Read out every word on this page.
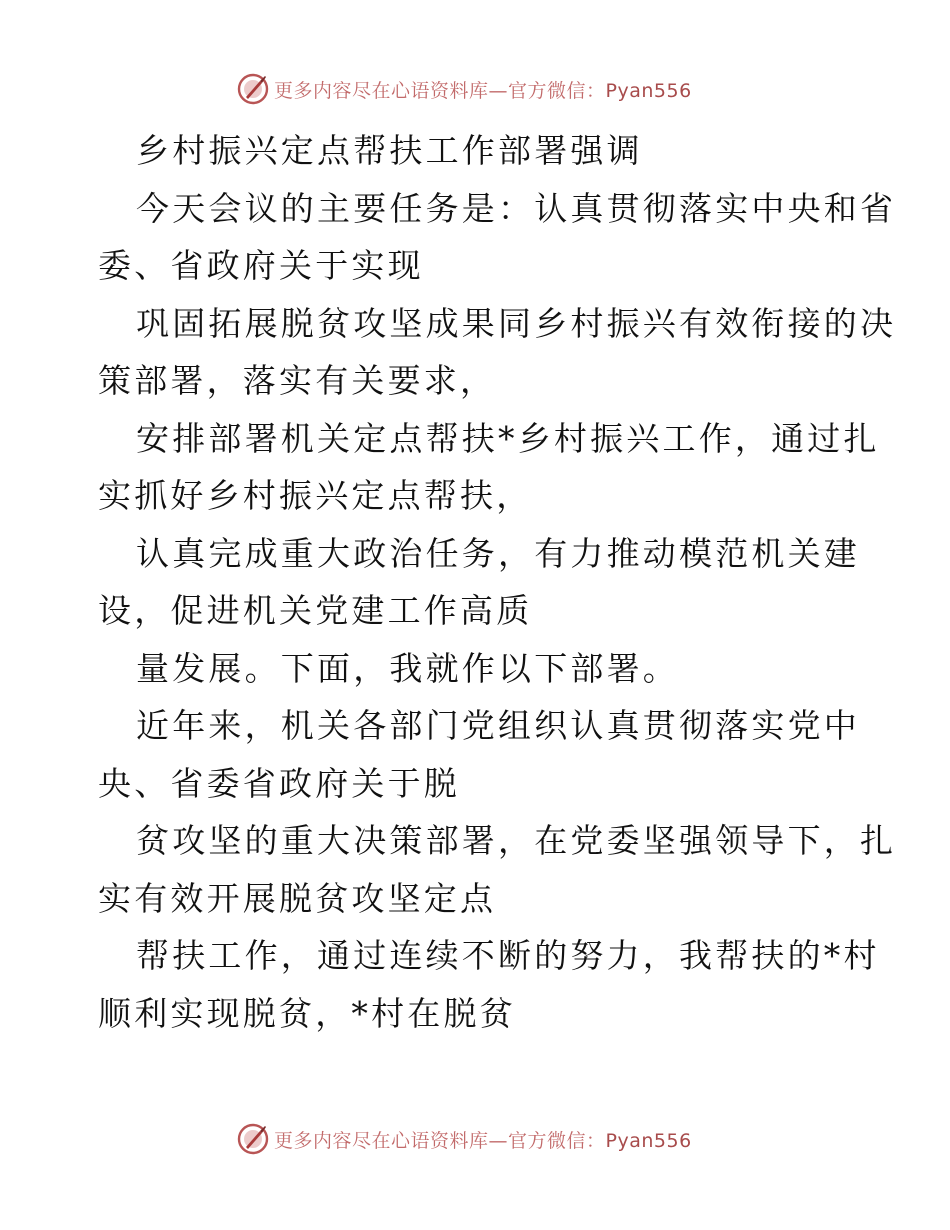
更多内容尽在心语资料库—官方微信：Pyan556

乡村振兴定点帮扶工作部署强调

今天会议的主要任务是：认真贯彻落实中央和省

委、省政府关于实现

巩固拓展脱贫攻坚成果同乡村振兴有效衔接的决

策部署，落实有关要求，

安排部署机关定点帮扶*乡村振兴工作，通过扎

实抓好乡村振兴定点帮扶，

认真完成重大政治任务，有力推动模范机关建

设，促进机关党建工作高质

量发展。下面，我就作以下部署。

近年来，机关各部门党组织认真贯彻落实党中

央、省委省政府关于脱

贫攻坚的重大决策部署，在党委坚强领导下，扎

实有效开展脱贫攻坚定点

帮扶工作，通过连续不断的努力，我帮扶的*村

顺利实现脱贫，*村在脱贫

更多内容尽在心语资料库—官方微信：Pyan556
